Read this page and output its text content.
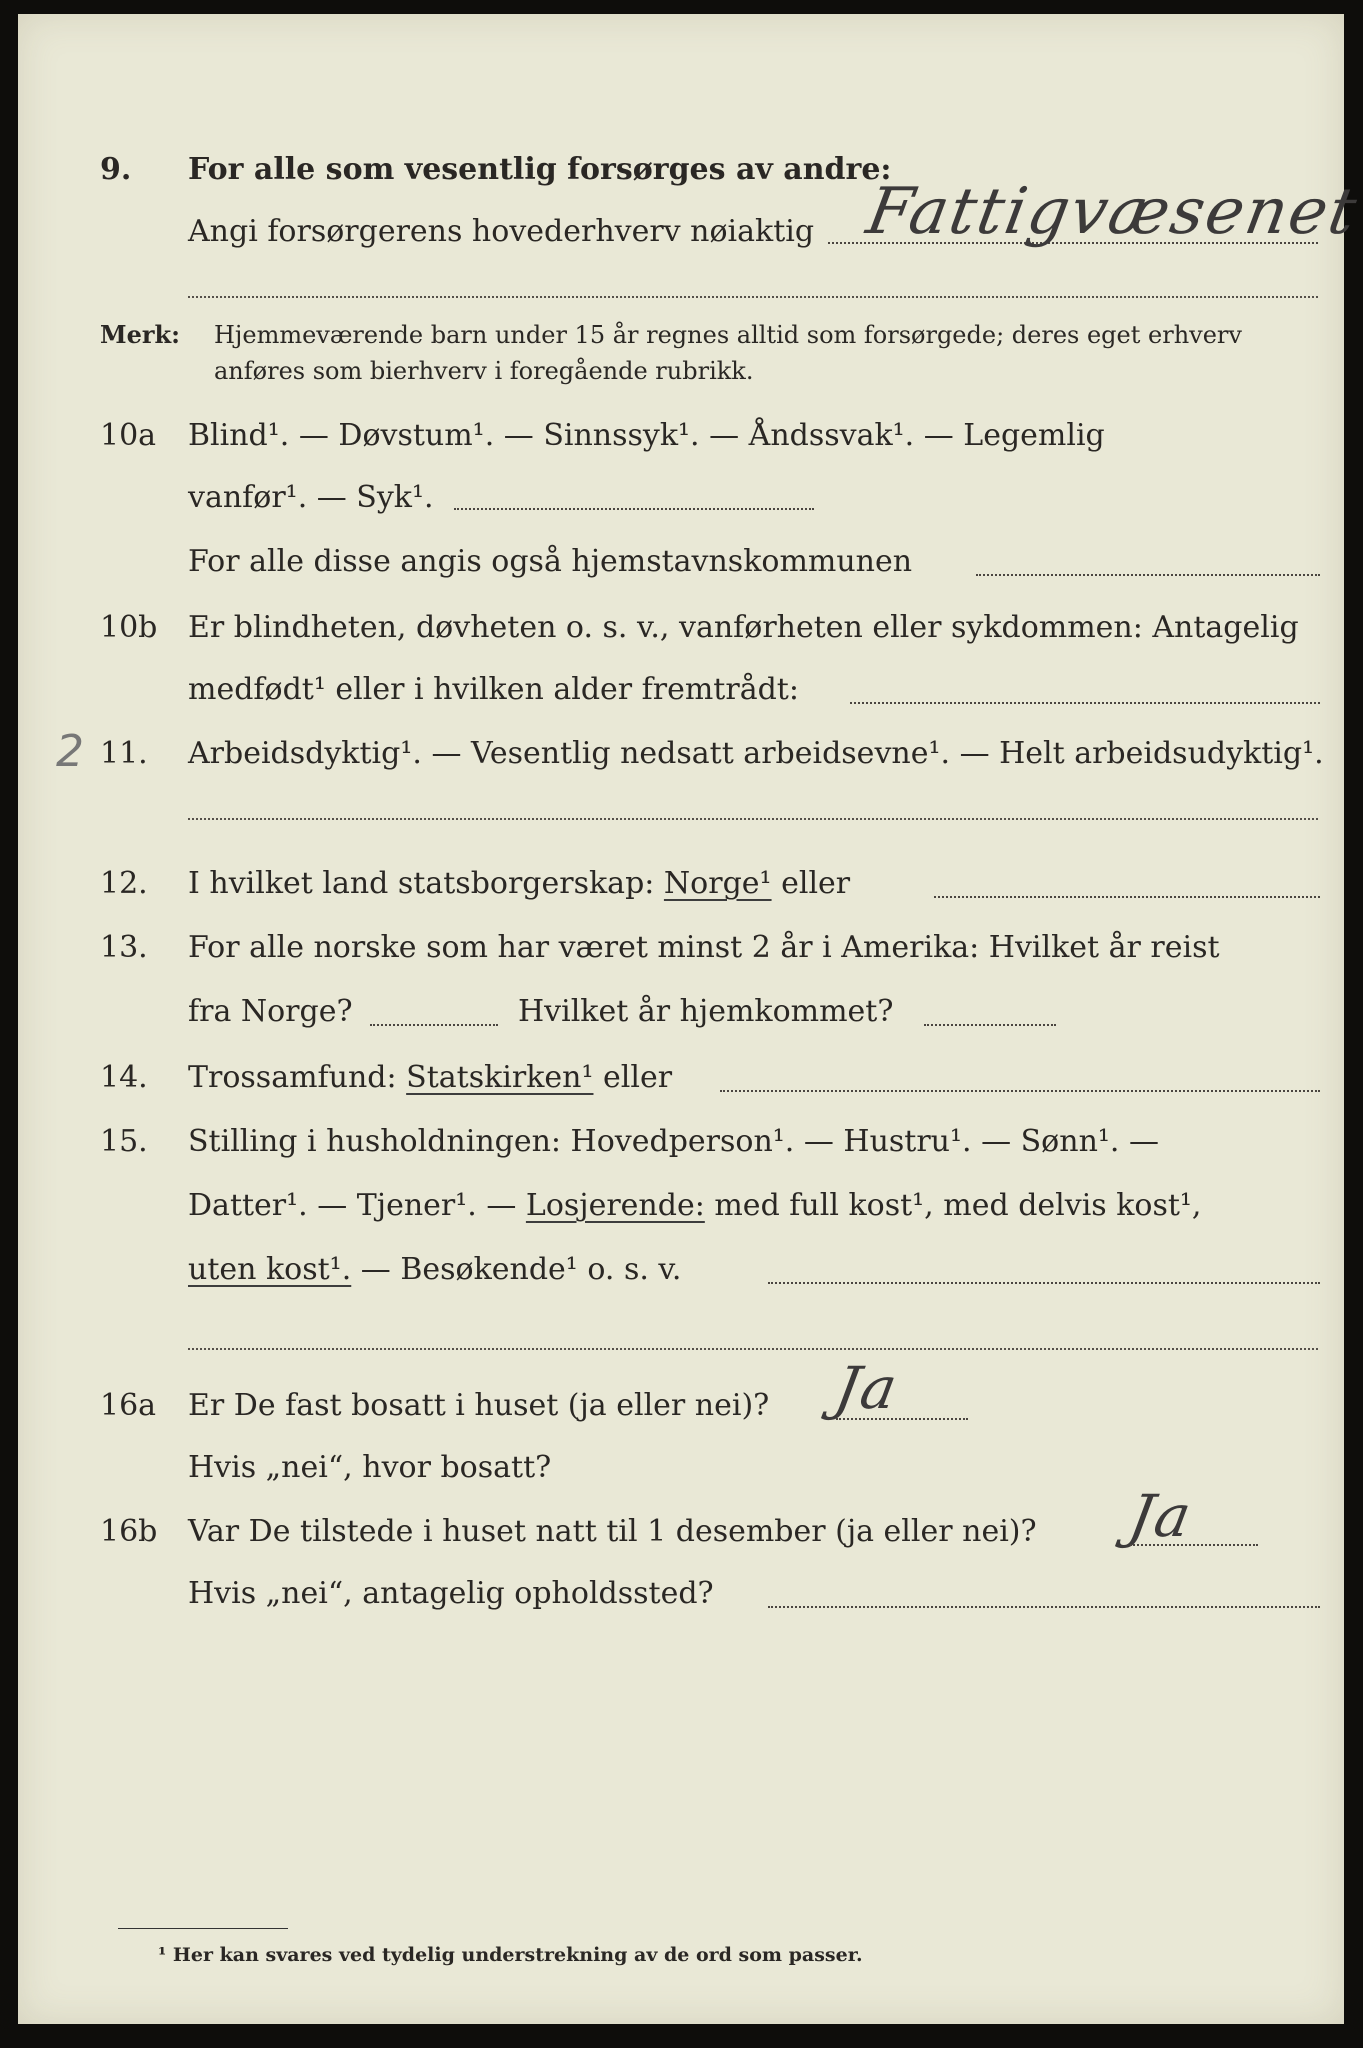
9. For alle som vesentlig forsørges av andre:
Angi forsørgerens hovederhverv nøiaktig Fattigvæsenet
Merk: Hjemmeværende barn under 15 år regnes alltid som forsørgede; deres eget erhverv
anføres som bierhverv i foregående rubrikk.
10a Blind¹. — Døvstum¹. — Sinnssyk¹. — Åndssvak¹. — Legemlig
vanfør¹. — Syk¹.
For alle disse angis også hjemstavnskommunen
10b Er blindheten, døvheten o. s. v., vanførheten eller sykdommen: Antagelig
medfødt¹ eller i hvilken alder fremtrådt:
2 11. Arbeidsdyktig¹. — Vesentlig nedsatt arbeidsevne¹. — Helt arbeidsudyktig¹.
12. I hvilket land statsborgerskap: Norge¹ eller
13. For alle norske som har været minst 2 år i Amerika: Hvilket år reist
fra Norge?	Hvilket år hjemkommet?
14. Trossamfund: Statskirken¹ eller
15. Stilling i husholdningen: Hovedperson¹. — Hustru¹. — Sønn¹. —
Datter¹. — Tjener¹. — Losjerende: med full kost¹, med delvis kost¹,
uten kost¹. — Besøkende¹ o. s. v.
16a Er De fast bosatt i huset (ja eller nei)? Ja
Hvis „nei“, hvor bosatt?
16b Var De tilstede i huset natt til 1 desember (ja eller nei)? Ja
Hvis „nei“, antagelig opholdssted?
¹ Her kan svares ved tydelig understrekning av de ord som passer.
